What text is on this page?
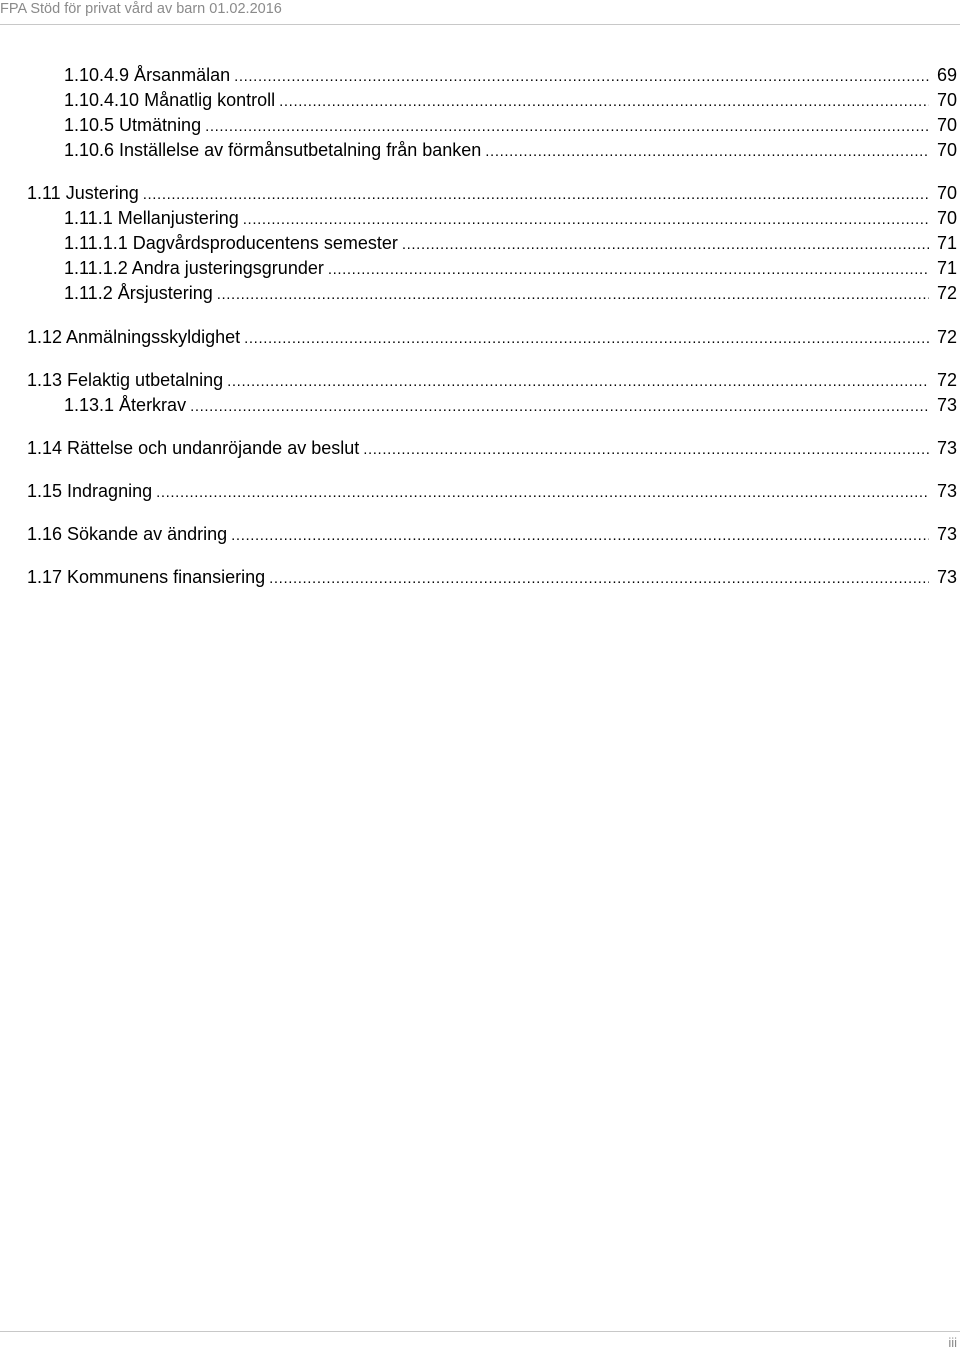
FPA Stöd för privat vård av barn 01.02.2016
1.10.4.9 Årsanmälan .....	69
1.10.4.10 Månatlig kontroll .....	70
1.10.5 Utmätning .....	70
1.10.6 Inställelse av förmånsutbetalning från banken .....	70
1.11 Justering .....	70
1.11.1 Mellanjustering .....	70
1.11.1.1 Dagvårdsproducentens semester .....	71
1.11.1.2 Andra justeringsgrunder .....	71
1.11.2 Årsjustering .....	72
1.12 Anmälningsskyldighet .....	72
1.13 Felaktig utbetalning .....	72
1.13.1 Återkrav .....	73
1.14 Rättelse och undanröjande av beslut .....	73
1.15 Indragning .....	73
1.16 Sökande av ändring .....	73
1.17 Kommunens finansiering .....	73
iii
